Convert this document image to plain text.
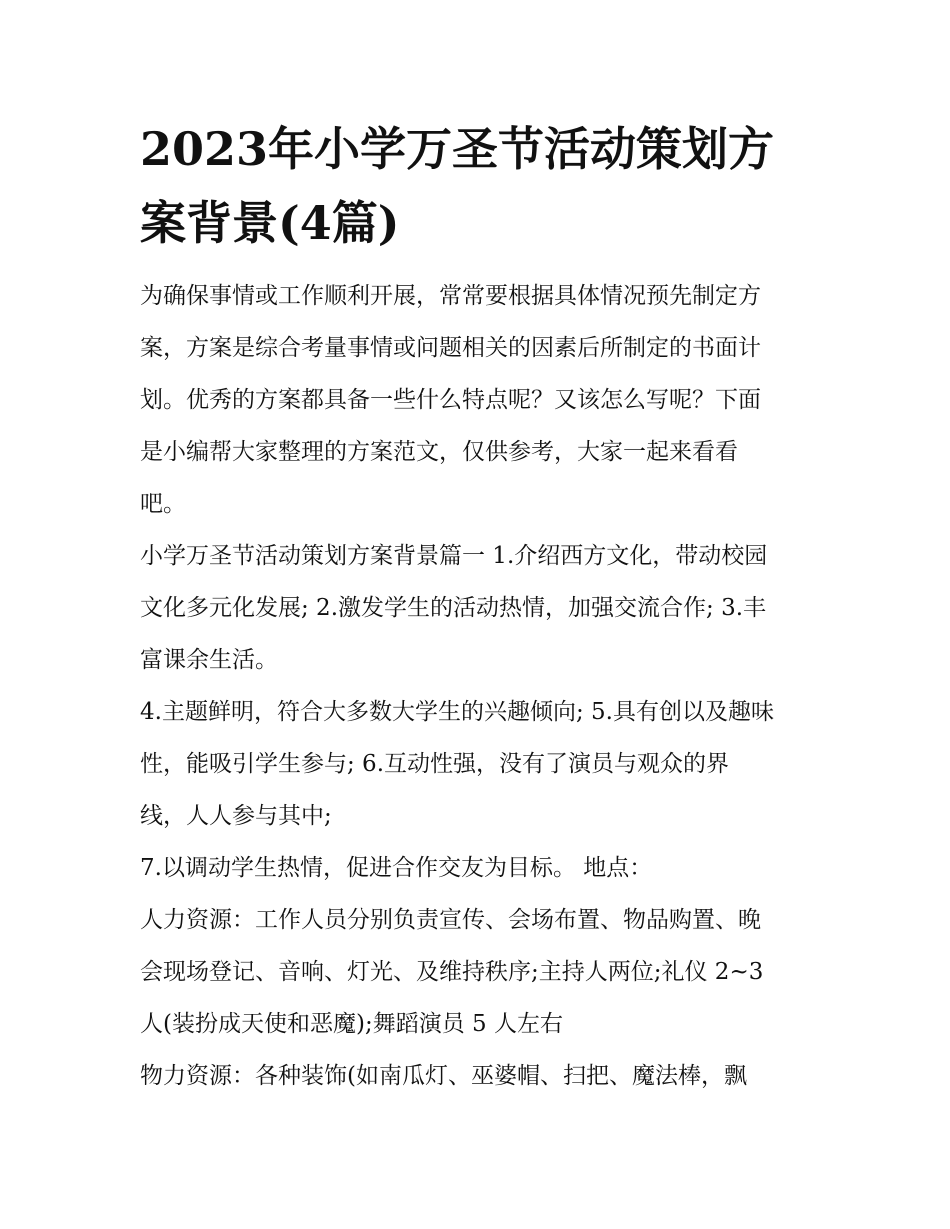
2023年小学万圣节活动策划方
案背景(4篇)

为确保事情或工作顺利开展，常常要根据具体情况预先制定方
案，方案是综合考量事情或问题相关的因素后所制定的书面计
划。优秀的方案都具备一些什么特点呢？又该怎么写呢？下面
是小编帮大家整理的方案范文，仅供参考，大家一起来看看
吧。

小学万圣节活动策划方案背景篇一 1.介绍西方文化，带动校园
文化多元化发展; 2.激发学生的活动热情，加强交流合作; 3.丰
富课余生活。

4.主题鲜明，符合大多数大学生的兴趣倾向; 5.具有创以及趣味
性，能吸引学生参与; 6.互动性强，没有了演员与观众的界
线，人人参与其中;

7.以调动学生热情，促进合作交友为目标。 地点：

人力资源：工作人员分别负责宣传、会场布置、物品购置、晚
会现场登记、音响、灯光、及维持秩序;主持人两位;礼仪 2~3
人(装扮成天使和恶魔);舞蹈演员 5 人左右

物力资源：各种装饰(如南瓜灯、巫婆帽、扫把、魔法棒，飘
